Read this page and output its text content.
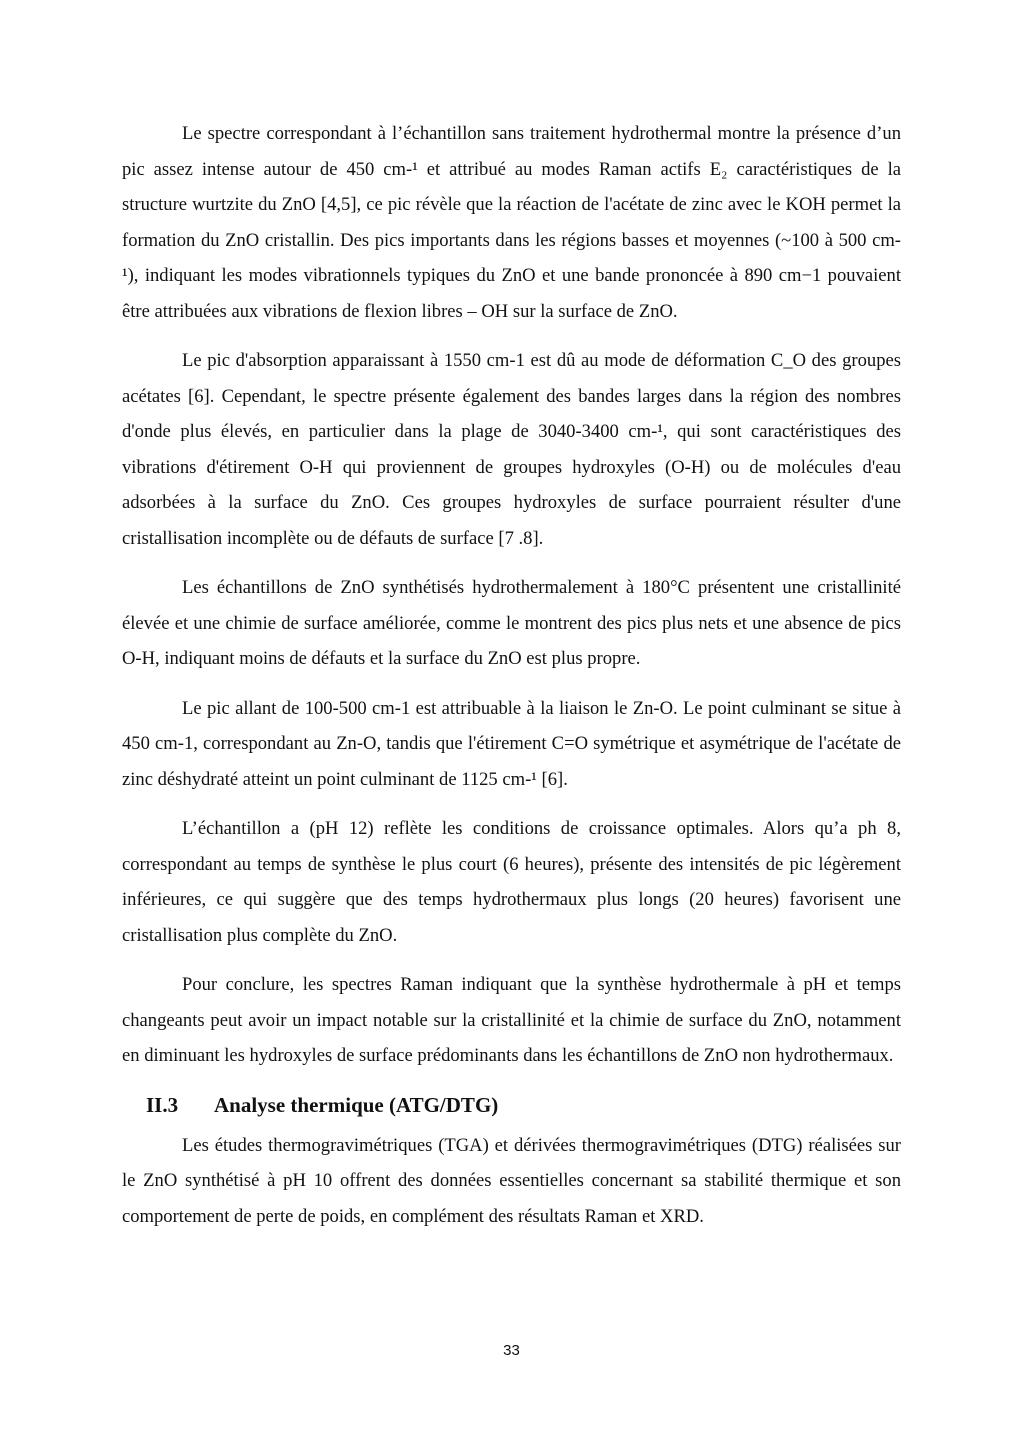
Le spectre correspondant à l’échantillon sans traitement hydrothermal montre la présence d’un pic assez intense autour de 450 cm-¹ et attribué au modes Raman actifs E₂ caractéristiques de la structure wurtzite du ZnO [4,5], ce pic révèle que la réaction de l'acétate de zinc avec le KOH permet la formation du ZnO cristallin. Des pics importants dans les régions basses et moyennes (~100 à 500 cm-¹), indiquant les modes vibrationnels typiques du ZnO et une bande prononcée à 890 cm−1 pouvaient être attribuées aux vibrations de flexion libres – OH sur la surface de ZnO.

Le pic d'absorption apparaissant à 1550 cm-1 est dû au mode de déformation C_O des groupes acétates [6]. Cependant, le spectre présente également des bandes larges dans la région des nombres d'onde plus élevés, en particulier dans la plage de 3040-3400 cm-¹, qui sont caractéristiques des vibrations d'étirement O-H qui proviennent de groupes hydroxyles (O-H) ou de molécules d'eau adsorbées à la surface du ZnO. Ces groupes hydroxyles de surface pourraient résulter d'une cristallisation incomplète ou de défauts de surface [7 .8].

Les échantillons de ZnO synthétisés hydrothermalement à 180°C présentent une cristallinité élevée et une chimie de surface améliorée, comme le montrent des pics plus nets et une absence de pics O-H, indiquant moins de défauts et la surface du ZnO est plus propre.

Le pic allant de 100-500 cm-1 est attribuable à la liaison le Zn-O. Le point culminant se situe à 450 cm-1, correspondant au Zn-O, tandis que l'étirement C=O symétrique et asymétrique de l'acétate de zinc déshydraté atteint un point culminant de 1125 cm-¹ [6].

L’échantillon a (pH 12) reflète les conditions de croissance optimales. Alors qu’a ph 8, correspondant au temps de synthèse le plus court (6 heures), présente des intensités de pic légèrement inférieures, ce qui suggère que des temps hydrothermaux plus longs (20 heures) favorisent une cristallisation plus complète du ZnO.

Pour conclure, les spectres Raman indiquant que la synthèse hydrothermale à pH et temps changeants peut avoir un impact notable sur la cristallinité et la chimie de surface du ZnO, notamment en diminuant les hydroxyles de surface prédominants dans les échantillons de ZnO non hydrothermaux.

II.3 Analyse thermique (ATG/DTG)

Les études thermogravimétriques (TGA) et dérivées thermogravimétriques (DTG) réalisées sur le ZnO synthétisé à pH 10 offrent des données essentielles concernant sa stabilité thermique et son comportement de perte de poids, en complément des résultats Raman et XRD.

33
